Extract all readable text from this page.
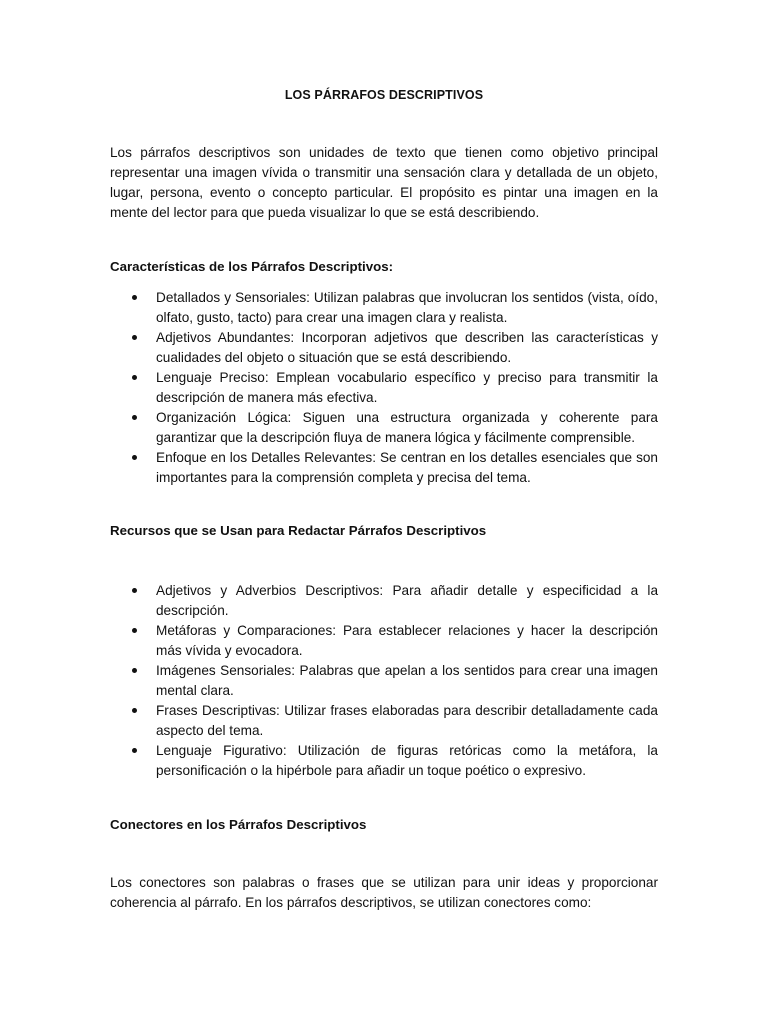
LOS PÁRRAFOS DESCRIPTIVOS

Los párrafos descriptivos son unidades de texto que tienen como objetivo principal representar una imagen vívida o transmitir una sensación clara y detallada de un objeto, lugar, persona, evento o concepto particular. El propósito es pintar una imagen en la mente del lector para que pueda visualizar lo que se está describiendo.

Características de los Párrafos Descriptivos:
Detallados y Sensoriales: Utilizan palabras que involucran los sentidos (vista, oído, olfato, gusto, tacto) para crear una imagen clara y realista.
Adjetivos Abundantes: Incorporan adjetivos que describen las características y cualidades del objeto o situación que se está describiendo.
Lenguaje Preciso: Emplean vocabulario específico y preciso para transmitir la descripción de manera más efectiva.
Organización Lógica: Siguen una estructura organizada y coherente para garantizar que la descripción fluya de manera lógica y fácilmente comprensible.
Enfoque en los Detalles Relevantes: Se centran en los detalles esenciales que son importantes para la comprensión completa y precisa del tema.
Recursos que se Usan para Redactar Párrafos Descriptivos
Adjetivos y Adverbios Descriptivos: Para añadir detalle y especificidad a la descripción.
Metáforas y Comparaciones: Para establecer relaciones y hacer la descripción más vívida y evocadora.
Imágenes Sensoriales: Palabras que apelan a los sentidos para crear una imagen mental clara.
Frases Descriptivas: Utilizar frases elaboradas para describir detalladamente cada aspecto del tema.
Lenguaje Figurativo: Utilización de figuras retóricas como la metáfora, la personificación o la hipérbole para añadir un toque poético o expresivo.
Conectores en los Párrafos Descriptivos

Los conectores son palabras o frases que se utilizan para unir ideas y proporcionar coherencia al párrafo. En los párrafos descriptivos, se utilizan conectores como:
